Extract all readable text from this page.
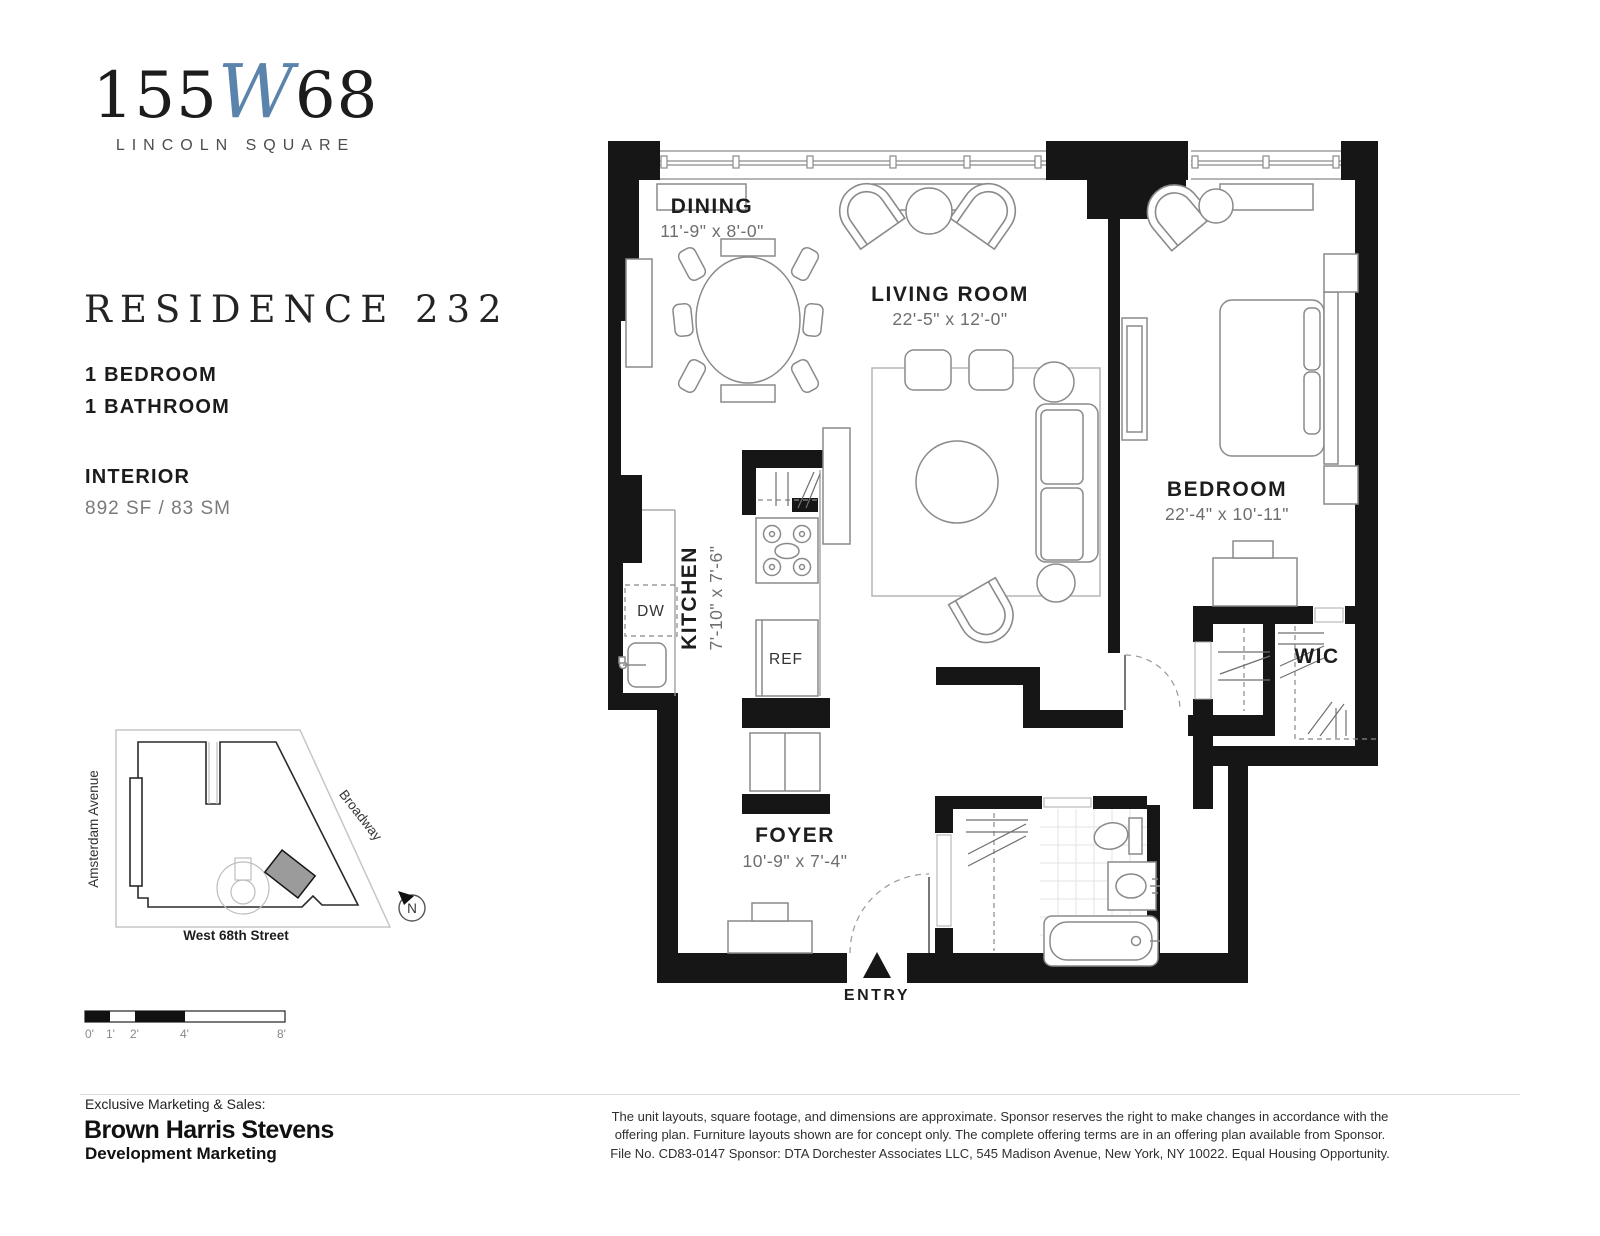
155W68
LINCOLN SQUARE
RESIDENCE 232
1 BEDROOM
1 BATHROOM
INTERIOR
892 SF / 83 SM
Amsterdam Avenue	Broadway
West 68th Street
N
0' 1' 2'	4'	8'
DINING
11'-9" x 8'-0"
LIVING ROOM
22'-5" x 12'-0"
BEDROOM
22'-4" x 10'-11"
KITCHEN 7'-10" x 7'-6"
FOYER
10'-9" x 7'-4"
WIC
DW
REF
ENTRY
Exclusive Marketing & Sales:
Brown Harris Stevens
Development Marketing
The unit layouts, square footage, and dimensions are approximate. Sponsor reserves the right to make changes in accordance with the
offering plan. Furniture layouts shown are for concept only. The complete offering terms are in an offering plan available from Sponsor.
File No. CD83-0147 Sponsor: DTA Dorchester Associates LLC, 545 Madison Avenue, New York, NY 10022. Equal Housing Opportunity.
